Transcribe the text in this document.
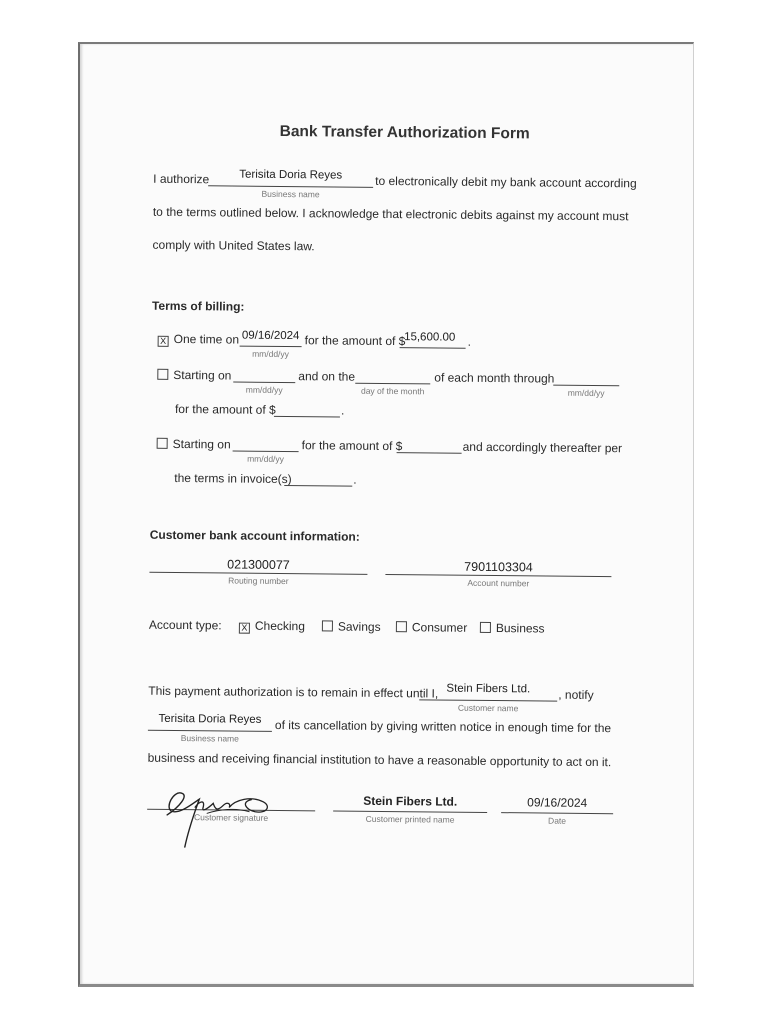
Bank Transfer Authorization Form
I authorize	Terisita Doria Reyes
Business name
to electronically debit my bank account according
to the terms outlined below. I acknowledge that electronic debits against my account must
comply with United States law.
Terms of billing:
X One time on 09/16/2024
mm/dd/yy
for the amount of $
15,600.00	.
Starting on
mm/dd/yy
and on the
day of the month
of each month through
mm/dd/yy
for the amount of $	.
Starting on
mm/dd/yy
for the amount of $	and accordingly thereafter per
the terms in invoice(s)	.
Customer bank account information:
021300077
Routing number
7901103304
Account number
Account type: X Checking	Savings	Consumer	Business
This payment authorization is to remain in effect until I, Stein Fibers Ltd.
Customer name
, notify
Terisita Doria Reyes
Business name
of its cancellation by giving written notice in enough time for the
business and receiving financial institution to have a reasonable opportunity to act on it.
Customer signature
Stein Fibers Ltd.
Customer printed name
09/16/2024
Date
